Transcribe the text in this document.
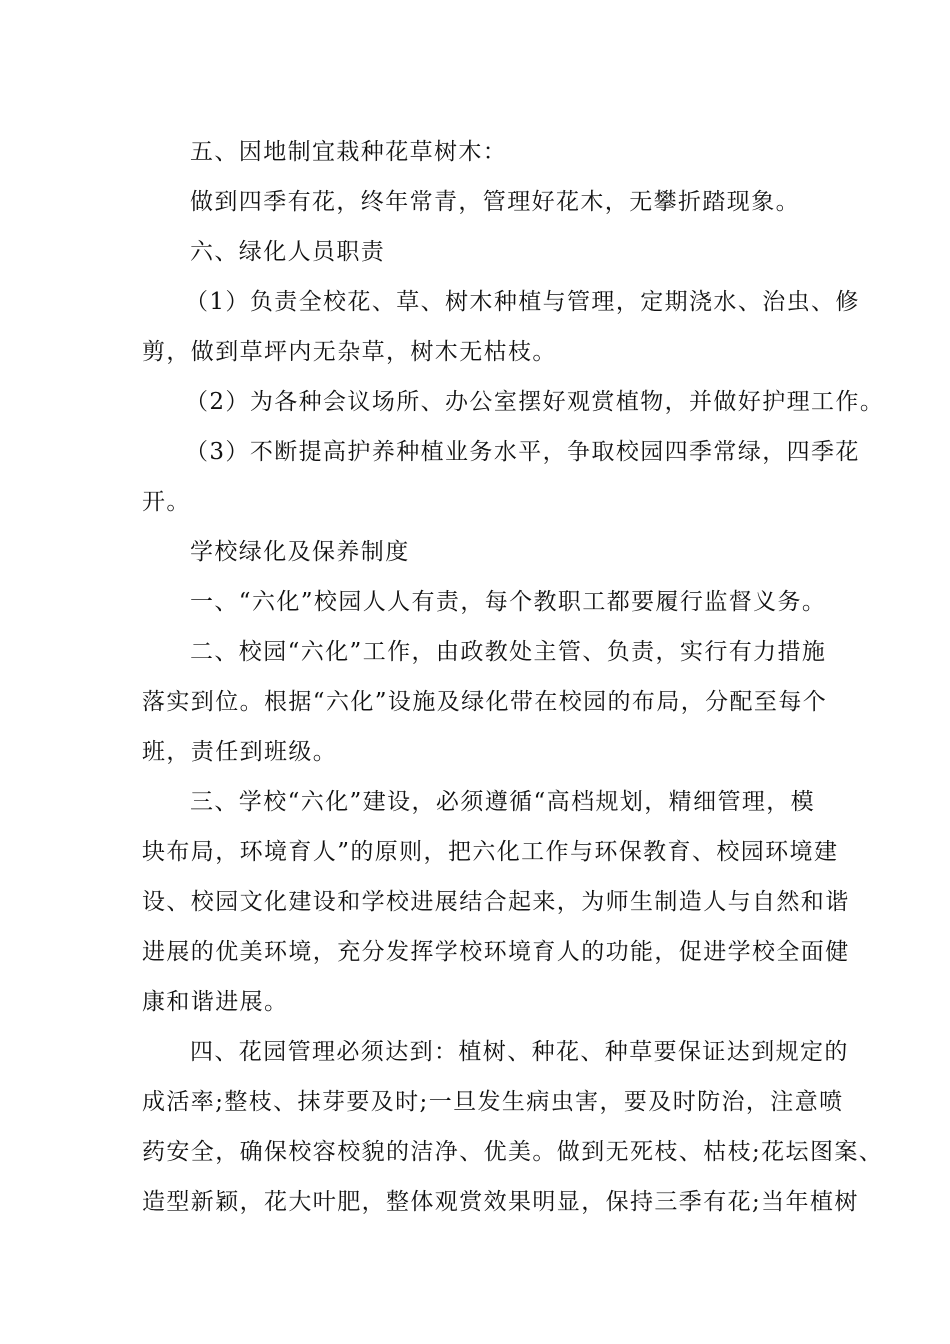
五、因地制宜栽种花草树木：
做到四季有花，终年常青，管理好花木，无攀折踏现象。
六、绿化人员职责
（1）负责全校花、草、树木种植与管理，定期浇水、治虫、修
剪，做到草坪内无杂草，树木无枯枝。
（2）为各种会议场所、办公室摆好观赏植物，并做好护理工作。
（3）不断提高护养种植业务水平，争取校园四季常绿，四季花
开。
学校绿化及保养制度
一、“六化”校园人人有责，每个教职工都要履行监督义务。
二、校园“六化”工作，由政教处主管、负责，实行有力措施
落实到位。根据“六化”设施及绿化带在校园的布局，分配至每个
班，责任到班级。
三、学校“六化”建设，必须遵循“高档规划，精细管理，模
块布局，环境育人”的原则，把六化工作与环保教育、校园环境建
设、校园文化建设和学校进展结合起来，为师生制造人与自然和谐
进展的优美环境，充分发挥学校环境育人的功能，促进学校全面健
康和谐进展。
四、花园管理必须达到：植树、种花、种草要保证达到规定的
成活率;整枝、抹芽要及时;一旦发生病虫害，要及时防治，注意喷
药安全，确保校容校貌的洁净、优美。做到无死枝、枯枝;花坛图案、
造型新颖，花大叶肥，整体观赏效果明显，保持三季有花;当年植树
